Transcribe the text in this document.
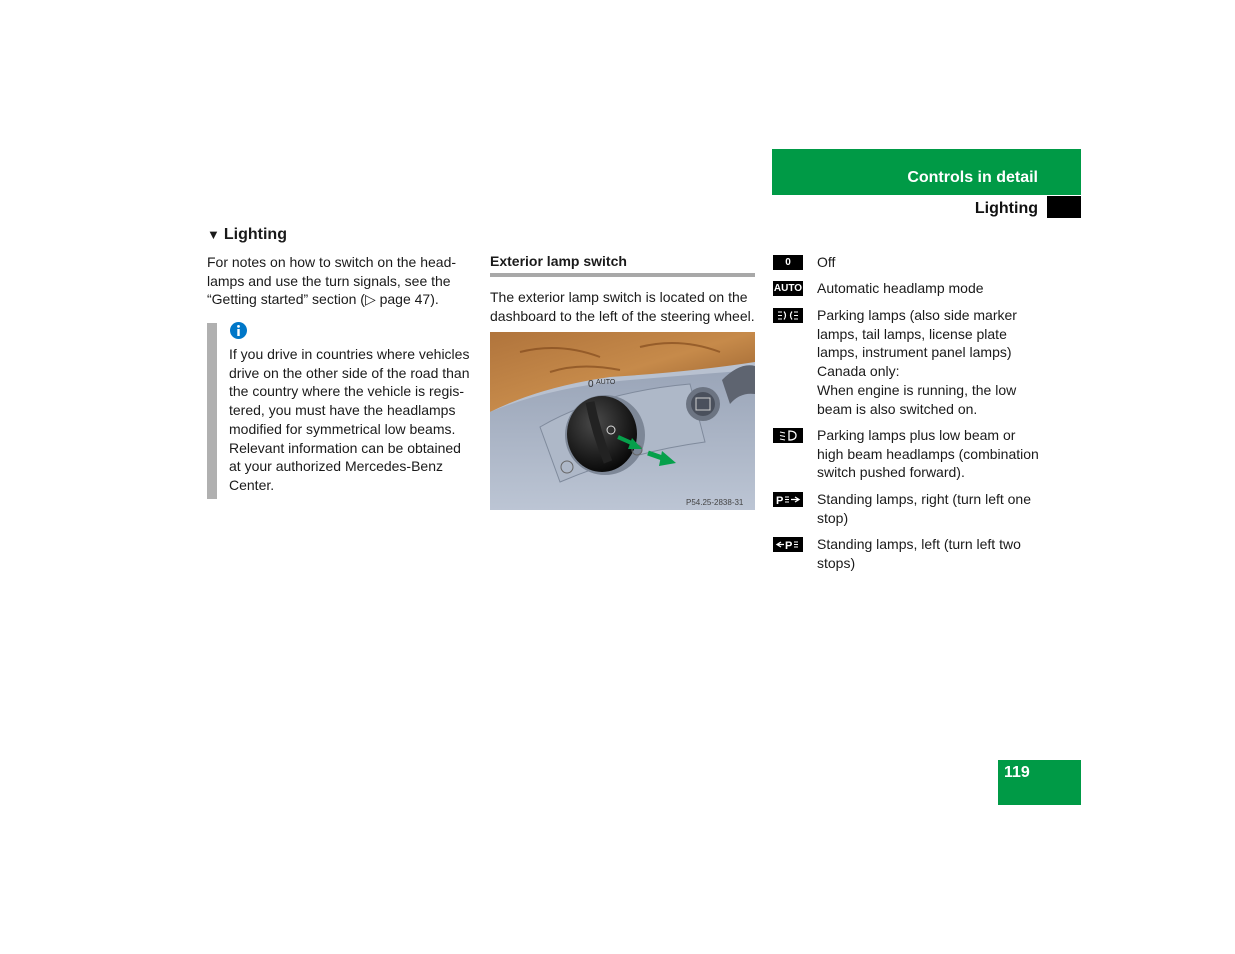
Controls in detail
Lighting
▼ Lighting
For notes on how to switch on the head-lamps and use the turn signals, see the “Getting started” section (▷ page 47).
If you drive in countries where vehicles drive on the other side of the road than the country where the vehicle is regis-tered, you must have the headlamps modified for symmetrical low beams. Relevant information can be obtained at your authorized Mercedes-Benz Center.
Exterior lamp switch
The exterior lamp switch is located on the dashboard to the left of the steering wheel.
0 AUTO
P54.25-2838-31
0	Off
AUTO Automatic headlamp mode
Parking lamps (also side marker lamps, tail lamps, license plate lamps, instrument panel lamps)
Canada only:
When engine is running, the low beam is also switched on.
Parking lamps plus low beam or high beam headlamps (combination switch pushed forward).
P Standing lamps, right (turn left one stop)
P Standing lamps, left (turn left two stops)
119
